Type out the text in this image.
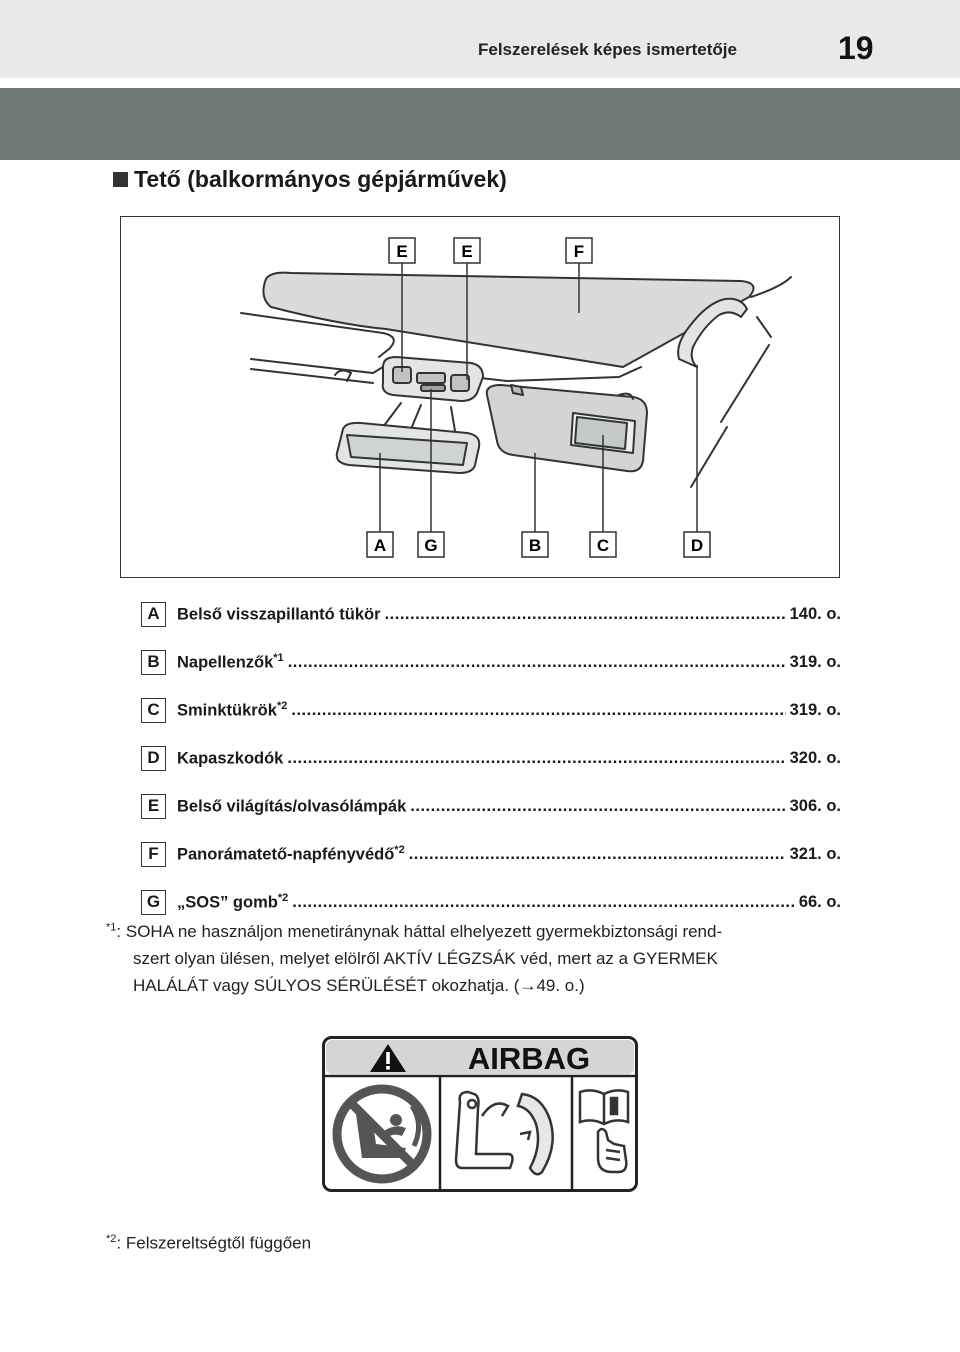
Felszerelések képes ismertetője	19
Tető (balkormányos gépjárművek)
E	E	F
A G	B	C	D
A	Belső visszapillantó tükör .....	140. o.
B	Napellenzők$^{*1}$ .....	319. o.
C	Sminktükrök$^{*2}$ .....	319. o.
D	Kapaszkodók .....	320. o.
E	Belső világítás/olvasólámpák .....	306. o.
F	Panorámatető-napfényvédő$^{*2}$ .....	321. o.
G	„SOS” gomb$^{*2}$ .....	66. o.
$^{*1}$: SOHA ne használjon menetiránynak háttal elhelyezett gyermekbiztonsági rend-
szert olyan ülésen, melyet elölről AKTÍV LÉGZSÁK véd, mert az a GYERMEK
HALÁLÁT vagy SÚLYOS SÉRÜLÉSÉT okozhatja. (→49. o.)
AIRBAG
$^{*2}$: Felszereltségtől függően
